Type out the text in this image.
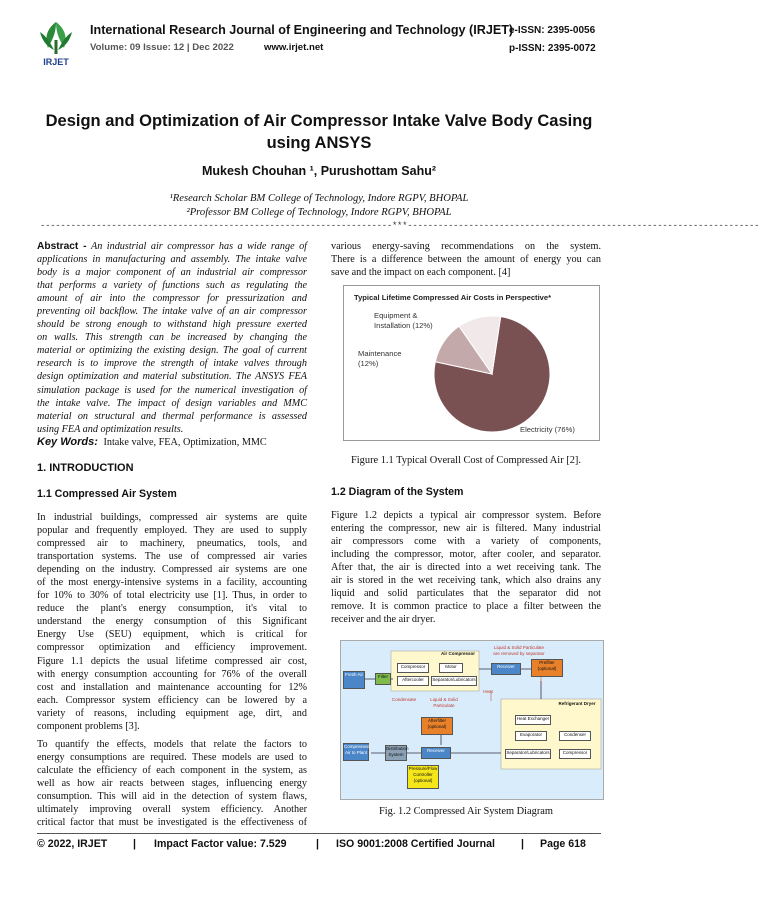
IRJET
International Research Journal of Engineering and Technology (IRJET)
e-ISSN: 2395-0056
Volume: 09 Issue: 12 | Dec 2022	www.irjet.net	p-ISSN: 2395-0072
Design and Optimization of Air Compressor Intake Valve Body Casing
using ANSYS
Mukesh Chouhan ¹, Purushottam Sahu²
¹Research Scholar BM College of Technology, Indore RGPV, BHOPAL
²Professor BM College of Technology, Indore RGPV, BHOPAL
---------------------------------------------------------------------***---------------------------------------------------------------------
Abstract - An industrial air compressor has a wide range of
applications in manufacturing and assembly. The intake valve
body is a major component of an industrial air compressor
that performs a variety of functions such as regulating the
amount of air into the compressor for pressurization and
preventing oil backflow. The intake valve of an air compressor
should be strong enough to withstand high pressure exerted
on walls. This strength can be increased by changing the
material or optimizing the existing design. The goal of current
research is to improve the strength of intake valves through
design optimization and material substitution. The ANSYS FEA
simulation package is used for the numerical investigation of
the intake valve. The impact of design variables and MMC
material on structural and thermal performance is assessed
using FEA and optimization results.
Key Words: Intake valve, FEA, Optimization, MMC
1. INTRODUCTION
1.1 Compressed Air System
In industrial buildings, compressed air systems are quite
popular and frequently employed. They are used to supply
compressed air to machinery, pneumatics, tools, and
transportation systems. The use of compressed air varies
depending on the industry. Compressed air systems are one
of the most energy-intensive systems in a facility, accounting
for 10% to 30% of total electricity use [1]. Thus, in order to
reduce the plant's energy consumption, it's vital to
understand the energy consumption of this Significant
Energy Use (SEU) equipment, which is critical for
compressor optimization and efficiency improvement.
Figure 1.1 depicts the usual lifetime compressed air cost,
with energy consumption accounting for 76% of the overall
cost and installation and maintenance accounting for 12%
each. Compressor system efficiency can be lowered by a
variety of reasons, including equipment age, dirt, and
component problems [3].
To quantify the effects, models that relate the factors to
energy consumptions are required. These models are used to
calculate the efficiency of each component in the system, as
well as how air reacts between stages, influencing energy
consumption. This will aid in the detection of system flaws,
ultimately improving overall system efficiency. Another
critical factor that must be investigated is the effectiveness of
various energy-saving recommendations on the system.
There is a difference between the amount of energy you can
save and the impact on each component. [4]
Typical Lifetime Compressed Air Costs in Perspective*
Equipment &
Installation (12%)
Maintenance
(12%)
Electricity (76%)
Figure 1.1 Typical Overall Cost of Compressed Air [2].
1.2 Diagram of the System
Figure 1.2 depicts a typical air compressor system. Before
entering the compressor, new air is filtered. Many industrial
air compressors come with a variety of components,
including the compressor, motor, after cooler, and separator.
After that, the air is directed into a wet receiving tank. The
air is stored in the wet receiving tank, which also drains any
liquid and solid particulates that the separator did not
remove. It is common practice to place a filter between the
receiver and the air dryer.
Fresh Air	Filter
Air Compressor
Compressor	Motor
Aftercooler	Separator/Lubricators
Receiver
Prefilter (optional)
Refrigerant Dryer
Heat Exchanger
Evaporator	Condenser
Separator/Lubricators	Compressor
Afterfilter (optional)
Distribution System
Receiver
Pressure/Flow Controller (optional)
Compressed Air to Plant
Liquid & Solid Particulate
Heat
Condensate
Liquid & Solid Particulate are removed by separator
Fig. 1.2 Compressed Air System Diagram
© 2022, IRJET | Impact Factor value: 7.529	| ISO 9001:2008 Certified Journal | Page 618
